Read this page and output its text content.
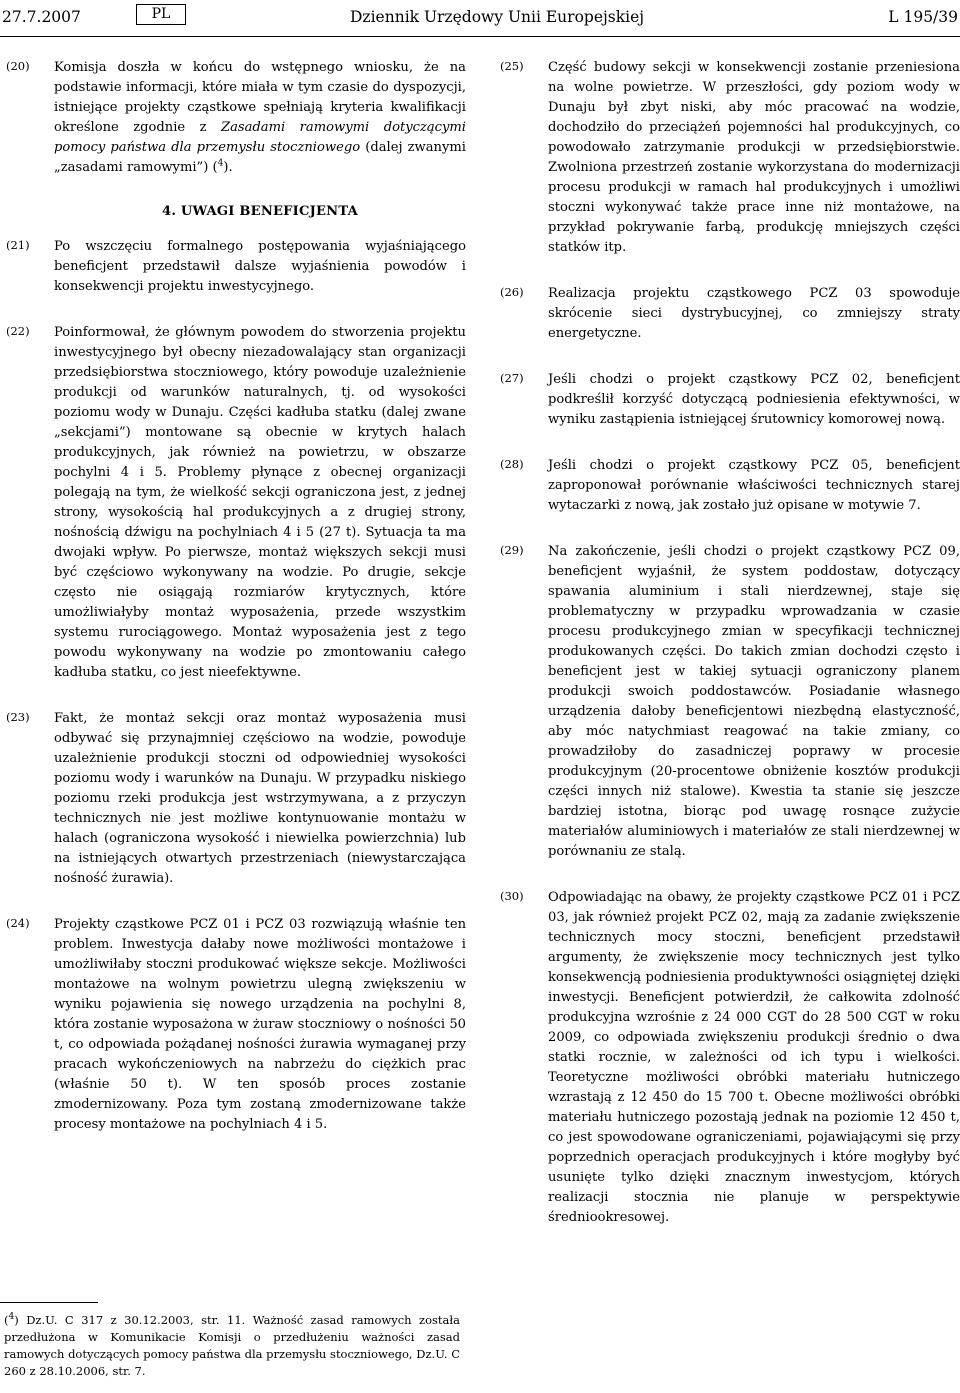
27.7.2007	PL	Dziennik Urzędowy Unii Europejskiej	L 195/39
(20) Komisja doszła w końcu do wstępnego wniosku, że na podstawie informacji, które miała w tym czasie do dyspozycji, istniejące projekty cząstkowe spełniają kryteria kwalifikacji określone zgodnie z Zasadami ramowymi dotyczącymi pomocy państwa dla przemysłu stoczniowego (dalej zwanymi „zasadami ramowymi”) ($^4$).

4. UWAGI BENEFICJENTA
(21) Po wszczęciu formalnego postępowania wyjaśniającego beneficjent przedstawił dalsze wyjaśnienia powodów i konsekwencji projektu inwestycyjnego.

(22) Poinformował, że głównym powodem do stworzenia projektu inwestycyjnego był obecny niezadowalający stan organizacji przedsiębiorstwa stoczniowego, który powoduje uzależnienie produkcji od warunków naturalnych, tj. od wysokości poziomu wody w Dunaju. Części kadłuba statku (dalej zwane „sekcjami”) montowane są obecnie w krytych halach produkcyjnych, jak również na powietrzu, w obszarze pochylni 4 i 5. Problemy płynące z obecnej organizacji polegają na tym, że wielkość sekcji ograniczona jest, z jednej strony, wysokością hal produkcyjnych a z drugiej strony, nośnością dźwigu na pochylniach 4 i 5 (27 t). Sytuacja ta ma dwojaki wpływ. Po pierwsze, montaż większych sekcji musi być częściowo wykonywany na wodzie. Po drugie, sekcje często nie osiągają rozmiarów krytycznych, które umożliwiałyby montaż wyposażenia, przede wszystkim systemu rurociągowego. Montaż wyposażenia jest z tego powodu wykonywany na wodzie po zmontowaniu całego kadłuba statku, co jest nieefektywne.

(23) Fakt, że montaż sekcji oraz montaż wyposażenia musi odbywać się przynajmniej częściowo na wodzie, powoduje uzależnienie produkcji stoczni od odpowiedniej wysokości poziomu wody i warunków na Dunaju. W przypadku niskiego poziomu rzeki produkcja jest wstrzymywana, a z przyczyn technicznych nie jest możliwe kontynuowanie montażu w halach (ograniczona wysokość i niewielka powierzchnia) lub na istniejących otwartych przestrzeniach (niewystarczająca nośność żurawia).

(24) Projekty cząstkowe PCZ 01 i PCZ 03 rozwiązują właśnie ten problem. Inwestycja dałaby nowe możliwości montażowe i umożliwiłaby stoczni produkować większe sekcje. Możliwości montażowe na wolnym powietrzu ulegną zwiększeniu w wyniku pojawienia się nowego urządzenia na pochylni 8, która zostanie wyposażona w żuraw stoczniowy o nośności 50 t, co odpowiada pożądanej nośności żurawia wymaganej przy pracach wykończeniowych na nabrzeżu do ciężkich prac (właśnie 50 t). W ten sposób proces zostanie zmodernizowany. Poza tym zostaną zmodernizowane także procesy montażowe na pochylniach 4 i 5.

(25) Część budowy sekcji w konsekwencji zostanie przeniesiona na wolne powietrze. W przeszłości, gdy poziom wody w Dunaju był zbyt niski, aby móc pracować na wodzie, dochodziło do przeciążeń pojemności hal produkcyjnych, co powodowało zatrzymanie produkcji w przedsiębiorstwie. Zwolniona przestrzeń zostanie wykorzystana do modernizacji procesu produkcji w ramach hal produkcyjnych i umożliwi stoczni wykonywać także prace inne niż montażowe, na przykład pokrywanie farbą, produkcję mniejszych części statków itp.

(26) Realizacja projektu cząstkowego PCZ 03 spowoduje skrócenie sieci dystrybucyjnej, co zmniejszy straty energetyczne.

(27) Jeśli chodzi o projekt cząstkowy PCZ 02, beneficjent podkreślił korzyść dotyczącą podniesienia efektywności, w wyniku zastąpienia istniejącej śrutownicy komorowej nową.

(28) Jeśli chodzi o projekt cząstkowy PCZ 05, beneficjent zaproponował porównanie właściwości technicznych starej wytaczarki z nową, jak zostało już opisane w motywie 7.

(29) Na zakończenie, jeśli chodzi o projekt cząstkowy PCZ 09, beneficjent wyjaśnił, że system poddostaw, dotyczący spawania aluminium i stali nierdzewnej, staje się problematyczny w przypadku wprowadzania w czasie procesu produkcyjnego zmian w specyfikacji technicznej produkowanych części. Do takich zmian dochodzi często i beneficjent jest w takiej sytuacji ograniczony planem produkcji swoich poddostawców. Posiadanie własnego urządzenia dałoby beneficjentowi niezbędną elastyczność, aby móc natychmiast reagować na takie zmiany, co prowadziłoby do zasadniczej poprawy w procesie produkcyjnym (20-procentowe obniżenie kosztów produkcji części innych niż stalowe). Kwestia ta stanie się jeszcze bardziej istotna, biorąc pod uwagę rosnące zużycie materiałów aluminiowych i materiałów ze stali nierdzewnej w porównaniu ze stalą.

(30) Odpowiadając na obawy, że projekty cząstkowe PCZ 01 i PCZ 03, jak również projekt PCZ 02, mają za zadanie zwiększenie technicznych mocy stoczni, beneficjent przedstawił argumenty, że zwiększenie mocy technicznych jest tylko konsekwencją podniesienia produktywności osiągniętej dzięki inwestycji. Beneficjent potwierdził, że całkowita zdolność produkcyjna wzrośnie z 24 000 CGT do 28 500 CGT w roku 2009, co odpowiada zwiększeniu produkcji średnio o dwa statki rocznie, w zależności od ich typu i wielkości. Teoretyczne możliwości obróbki materiału hutniczego wzrastają z 12 450 do 15 700 t. Obecne możliwości obróbki materiału hutniczego pozostają jednak na poziomie 12 450 t, co jest spowodowane ograniczeniami, pojawiającymi się przy poprzednich operacjach produkcyjnych i które mogłyby być usunięte tylko dzięki znacznym inwestycjom, których realizacji stocznia nie planuje w perspektywie średniookresowej.

($^4$) Dz.U. C 317 z 30.12.2003, str. 11. Ważność zasad ramowych została przedłużona w Komunikacie Komisji o przedłużeniu ważności zasad ramowych dotyczących pomocy państwa dla przemysłu stoczniowego, Dz.U. C 260 z 28.10.2006, str. 7.
